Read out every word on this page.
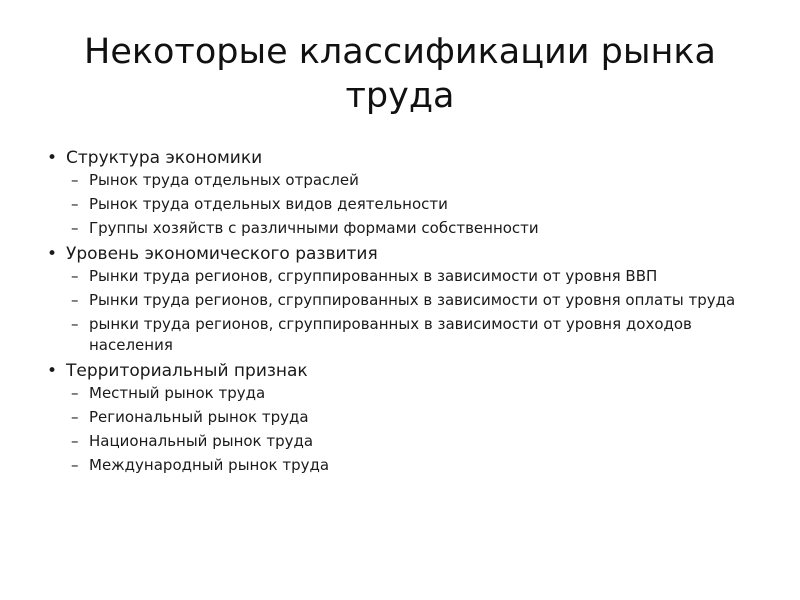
Некоторые классификации рынка труда
• Структура экономики
– Рынок труда отдельных отраслей
– Рынок труда отдельных видов деятельности
– Группы хозяйств с различными формами собственности
• Уровень экономического развития
– Рынки труда регионов, сгруппированных в зависимости от уровня ВВП
– Рынки труда регионов, сгруппированных в зависимости от уровня оплаты труда
– рынки труда регионов, сгруппированных в зависимости от уровня доходов населения
• Территориальный признак
– Местный рынок труда
– Региональный рынок труда
– Национальный рынок труда
– Международный рынок труда
